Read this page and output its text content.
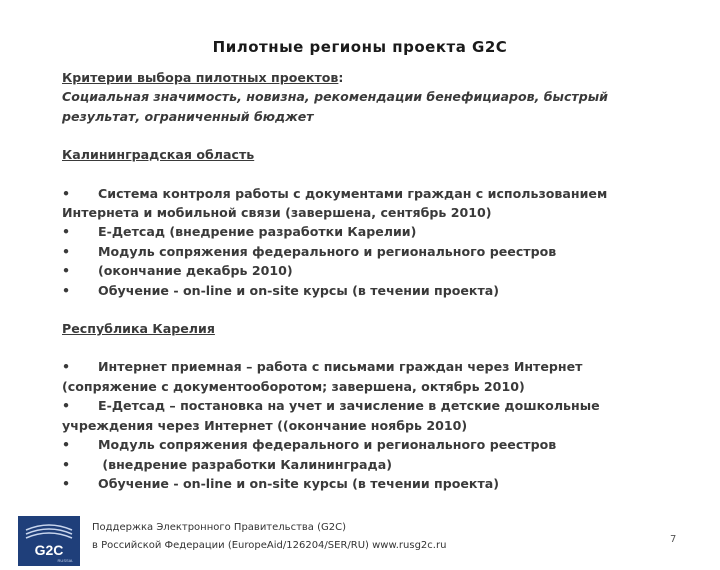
Пилотные регионы проекта G2C

Критерии выбора пилотных проектов:

Социальная значимость, новизна, рекомендации бенефициаров, быстрый

результат, ограниченный бюджет

Калининградская область

• Система контроля работы с документами граждан с использованием

Интернета и мобильной связи (завершена, сентябрь 2010)

• Е-Детсад (внедрение разработки Карелии)

• Модуль сопряжения федерального и регионального реестров

• (окончание декабрь 2010)

• Обучение - on-line и on-site курсы (в течении проекта)

Республика Карелия

• Интернет приемная – работа с письмами граждан через Интернет

(сопряжение с документооборотом; завершена, октябрь 2010)

• Е-Детсад – постановка на учет и зачисление в детские дошкольные

учреждения через Интернет ((окончание ноябрь 2010)

• Модуль сопряжения федерального и регионального реестров

• (внедрение разработки Калининграда)

• Обучение - on-line и on-site курсы (в течении проекта)

G2C
RUSSIA
Поддержка Электронного Правительства (G2C)
в Российской Федерации (EuropeAid/126204/SER/RU) www.rusg2c.ru
7
